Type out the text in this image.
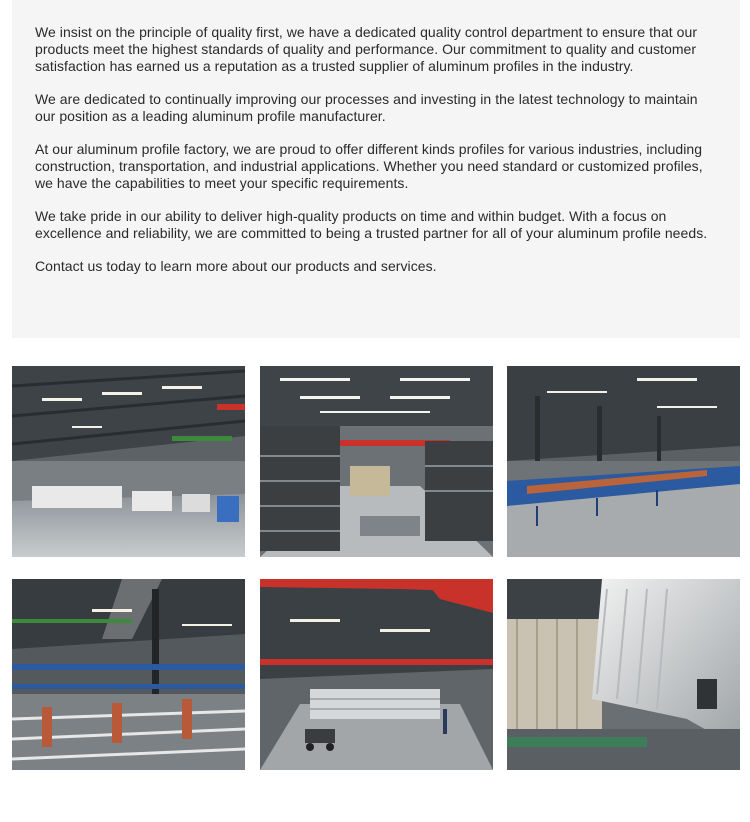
We insist on the principle of quality first, we have a dedicated quality control department to ensure that our products meet the highest standards of quality and performance. Our commitment to quality and customer satisfaction has earned us a reputation as a trusted supplier of aluminum profiles in the industry.

We are dedicated to continually improving our processes and investing in the latest technology to maintain our position as a leading aluminum profile manufacturer.

At our aluminum profile factory, we are proud to offer different kinds profiles for various industries, including construction, transportation, and industrial applications. Whether you need standard or customized profiles, we have the capabilities to meet your specific requirements.

We take pride in our ability to deliver high-quality products on time and within budget. With a focus on excellence and reliability, we are committed to being a trusted partner for all of your aluminum profile needs.

Contact us today to learn more about our products and services.
